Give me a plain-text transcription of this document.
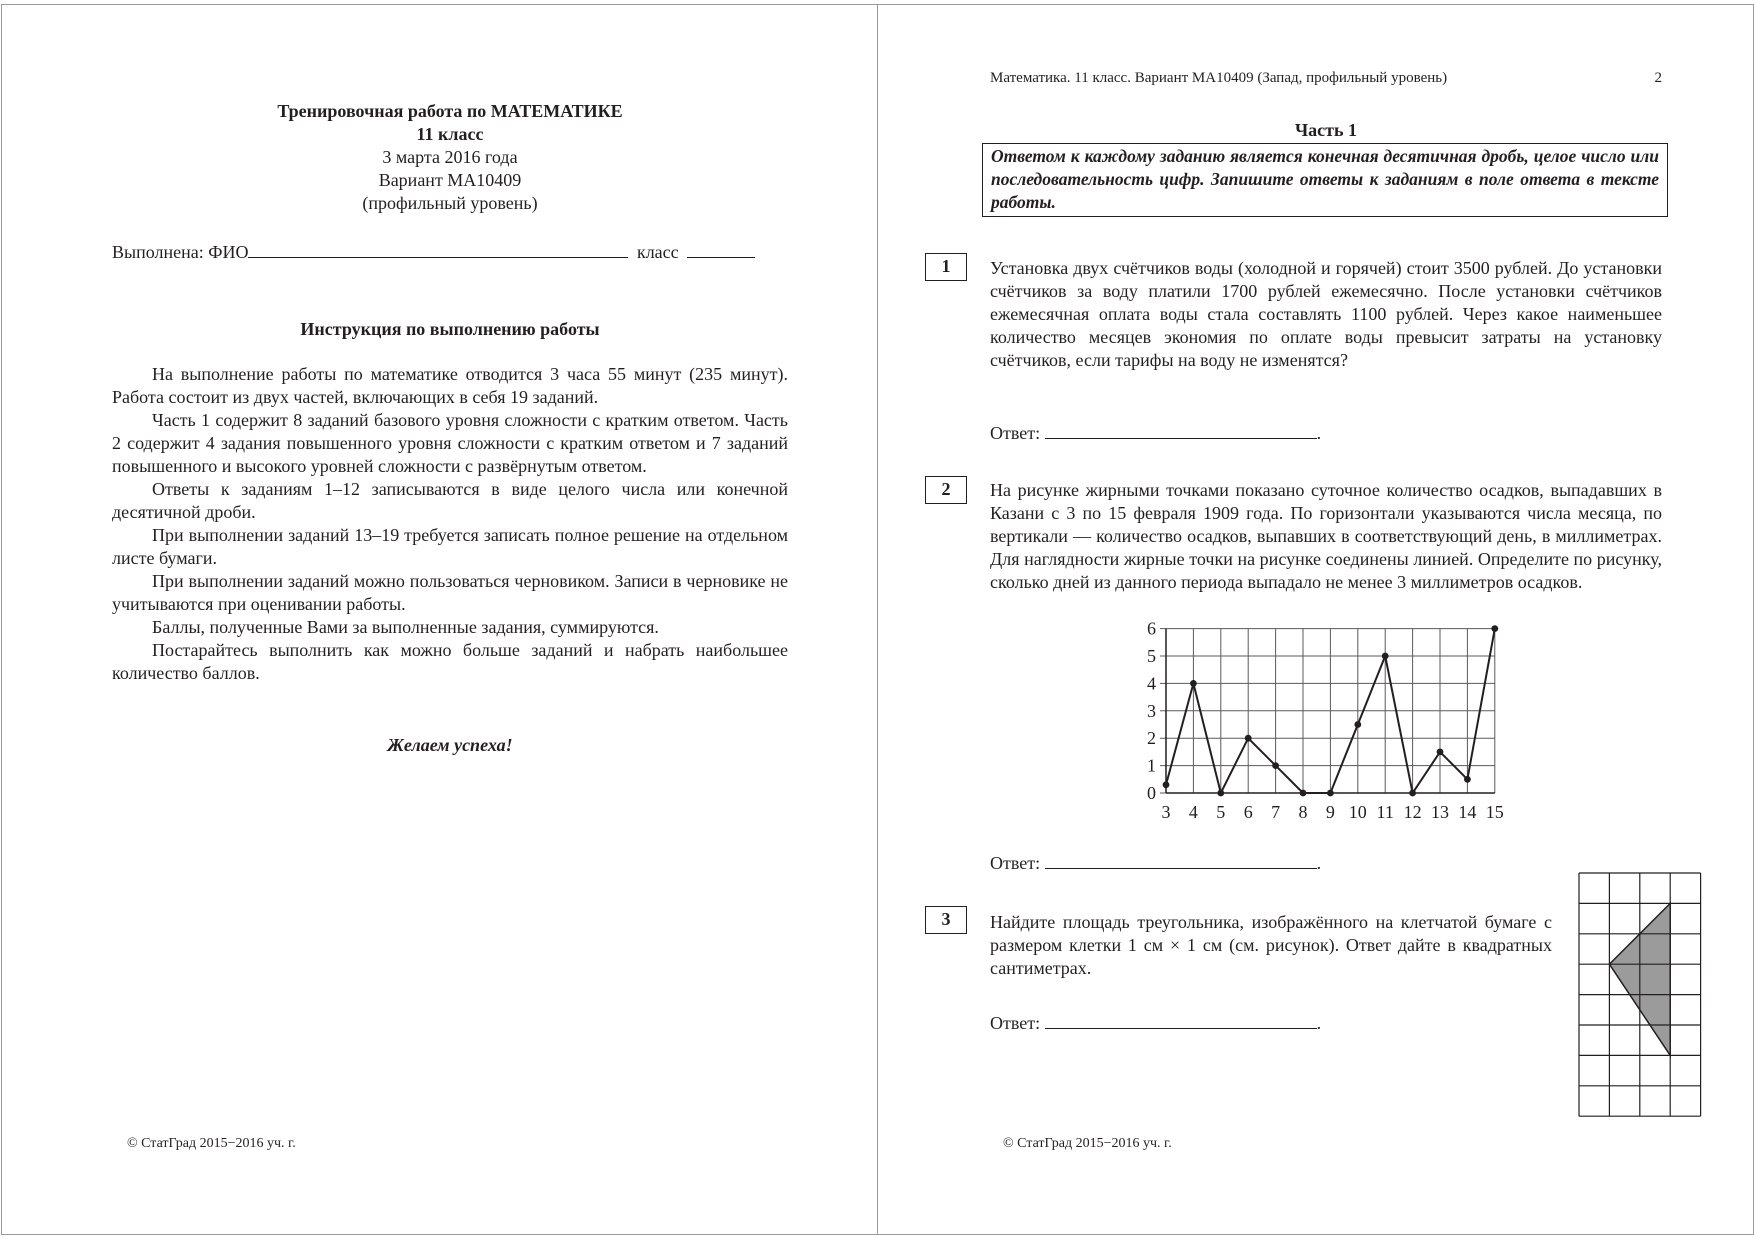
Тренировочная работа по МАТЕМАТИКЕ
11 класс
3 марта 2016 года
Вариант МА10409
(профильный уровень)
Выполнена: ФИО	класс
Инструкция по выполнению работы

На выполнение работы по математике отводится 3 часа 55 минут (235 минут). Работа состоит из двух частей, включающих в себя 19 заданий.

Часть 1 содержит 8 заданий базового уровня сложности с кратким ответом. Часть 2 содержит 4 задания повышенного уровня сложности с кратким ответом и 7 заданий повышенного и высокого уровней сложности с развёрнутым ответом.

Ответы к заданиям 1–12 записываются в виде целого числа или конечной десятичной дроби.

При выполнении заданий 13–19 требуется записать полное решение на отдельном листе бумаги.

При выполнении заданий можно пользоваться черновиком. Записи в черновике не учитываются при оценивании работы.

Баллы, полученные Вами за выполненные задания, суммируются.

Постарайтесь выполнить как можно больше заданий и набрать наибольшее количество баллов.

Желаем успеха!
© СтатГрад 2015−2016 уч. г.
Математика. 11 класс. Вариант МА10409 (Запад, профильный уровень)	2
Часть 1
Ответом к каждому заданию является конечная десятичная дробь, целое число или последовательность цифр. Запишите ответы к заданиям в поле ответа в тексте работы.
1	Установка двух счётчиков воды (холодной и горячей) стоит 3500 рублей. До установки счётчиков за воду платили 1700 рублей ежемесячно. После установки счётчиков ежемесячная оплата воды стала составлять 1100 рублей. Через какое наименьшее количество месяцев экономия по оплате воды превысит затраты на установку счётчиков, если тарифы на воду не изменятся?
Ответ:	.
2	На рисунке жирными точками показано суточное количество осадков, выпадавших в Казани с 3 по 15 февраля 1909 года. По горизонтали указываются числа месяца, по вертикали — количество осадков, выпавших в соответствующий день, в миллиметрах. Для наглядности жирные точки на рисунке соединены линией. Определите по рисунку, сколько дней из данного периода выпадало не менее 3 миллиметров осадков.
0
1
2
3
4
5
6
3 4 5 6 7 8 9 10 11 12 13 14 15
Ответ:	.
3	Найдите площадь треугольника, изображённого на клетчатой бумаге с размером клетки 1 см × 1 см (см. рисунок). Ответ дайте в квадратных сантиметрах.
Ответ:	.
© СтатГрад 2015−2016 уч. г.
